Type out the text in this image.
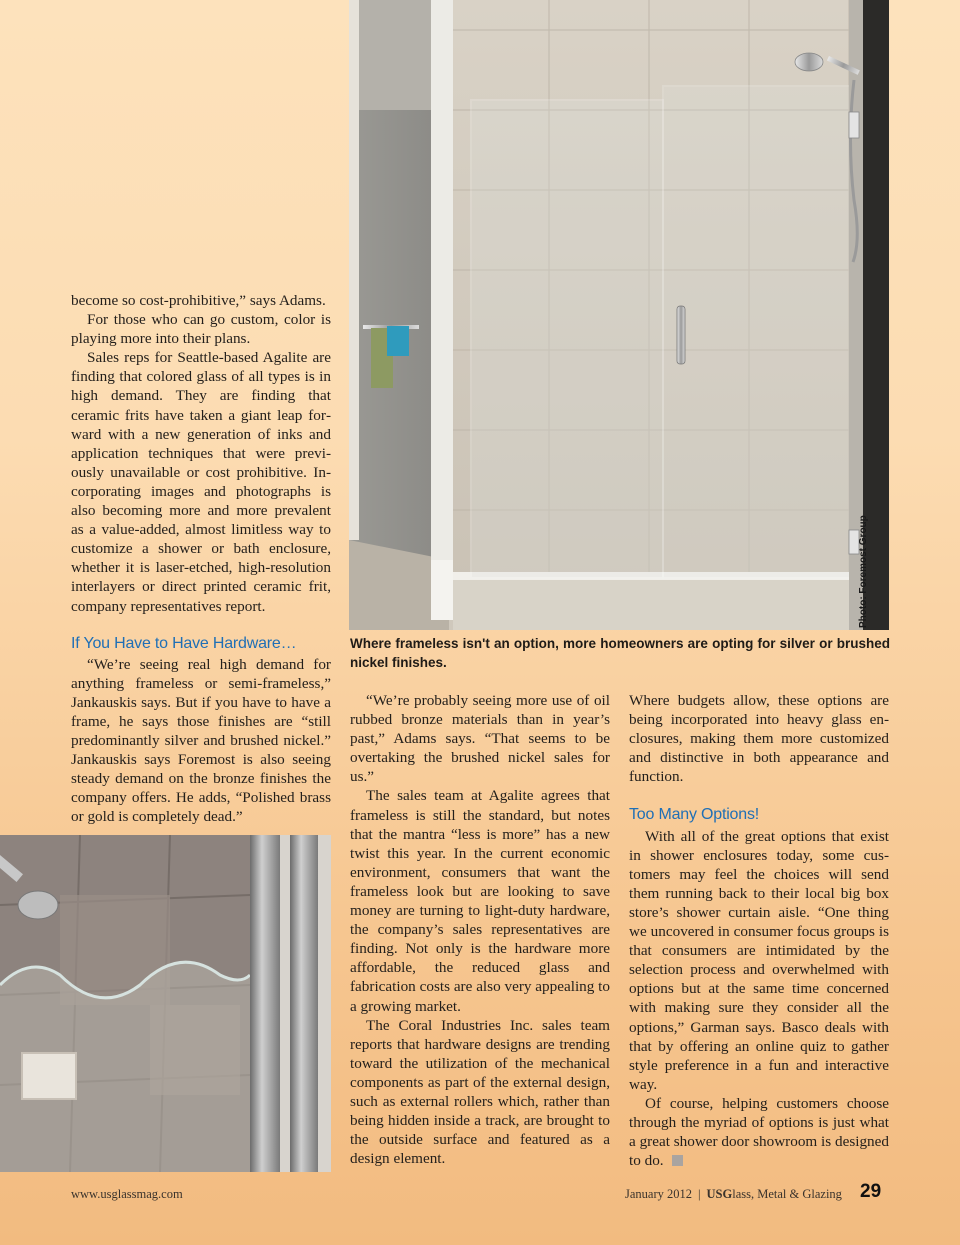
Photo: Foremost Group
Where frameless isn't an option, more homeowners are opting for silver or brushed nickel finishes.

become so cost-prohibitive,” says Adams.

For those who can go custom, color is playing more into their plans.

Sales reps for Seattle-based Agalite are finding that colored glass of all types is in high demand. They are finding that ceramic frits have taken a giant leap forward with a new generation of inks and application techniques that were previously unavailable or cost prohibitive. Incorporating images and photographs is also becoming more and more prevalent as a value-added, almost limitless way to customize a shower or bath enclosure, whether it is laser-etched, high-resolution interlayers or direct printed ceramic frit, company representatives report.

If You Have to Have Hardware…

“We’re seeing real high demand for anything frameless or semi-frameless,” Jankauskis says. But if you have to have a frame, he says those finishes are “still predominantly silver and brushed nickel.” Jankauskis says Foremost is also seeing steady demand on the bronze finishes the company offers. He adds, “Polished brass or gold is completely dead.”

“We’re probably seeing more use of oil rubbed bronze materials than in year’s past,” Adams says. “That seems to be overtaking the brushed nickel sales for us.”

The sales team at Agalite agrees that frameless is still the standard, but notes that the mantra “less is more” has a new twist this year. In the current economic environment, consumers that want the frameless look but are looking to save money are turning to light-duty hardware, the company’s sales representatives are finding. Not only is the hardware more affordable, the reduced glass and fabrication costs are also very appealing to a growing market.

The Coral Industries Inc. sales team reports that hardware designs are trending toward the utilization of the mechanical components as part of the external design, such as external rollers which, rather than being hidden inside a track, are brought to the outside surface and featured as a design element.

Where budgets allow, these options are being incorporated into heavy glass enclosures, making them more customized and distinctive in both appearance and function.

Too Many Options!

With all of the great options that exist in shower enclosures today, some customers may feel the choices will send them running back to their local big box store’s shower curtain aisle. “One thing we uncovered in consumer focus groups is that consumers are intimidated by the selection process and overwhelmed with options but at the same time concerned with making sure they consider all the options,” Garman says. Basco deals with that by offering an online quiz to gather style preference in a fun and interactive way.

Of course, helping customers choose through the myriad of options is just what a great shower door showroom is designed to do.

www.usglassmag.com	January 2012 | USGlass, Metal & Glazing 29
